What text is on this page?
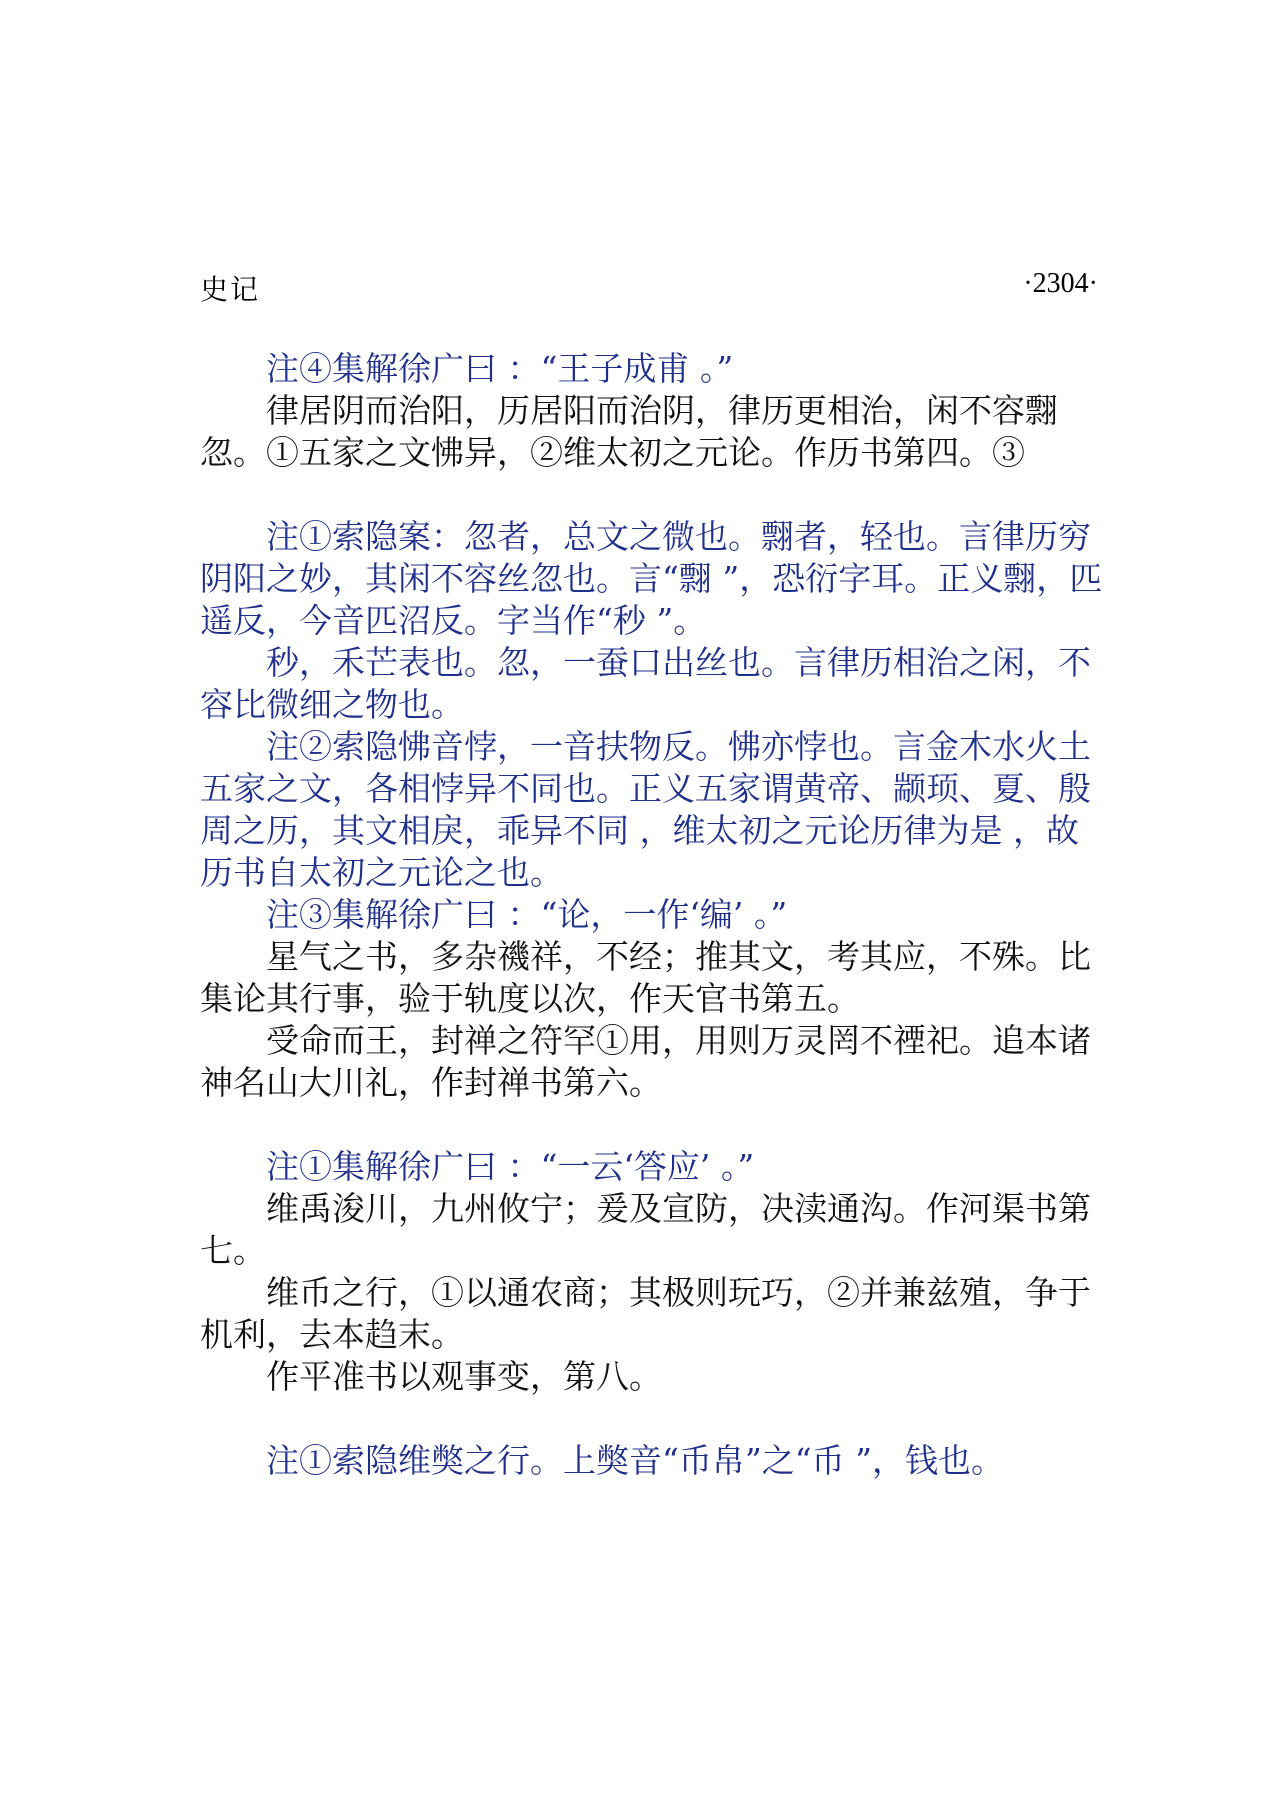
史记	·2304·

注④集解徐广曰 ：“王子成甫 。”

律居阴而治阳，历居阳而治阴，律历更相治，闲不容翲忽。①五家之文怫异，②维太初之元论。作历书第四。③

注①索隐案：忽者，总文之微也。翲者，轻也。言律历穷阴阳之妙，其闲不容丝忽也。言“翲 ”，恐衍字耳。正义翲，匹遥反，今音匹沼反。字当作“秒 ”。

秒，禾芒表也。忽，一蚕口出丝也。言律历相治之闲，不容比微细之物也。

注②索隐怫音悖，一音扶物反。怫亦悖也。言金木水火土五家之文，各相悖异不同也。正义五家谓黄帝、颛顼、夏、殷周之历，其文相戾，乖异不同 ，维太初之元论历律为是 ，故历书自太初之元论之也。

注③集解徐广曰 ：“论，一作‘编’ 。”

星气之书，多杂禨祥，不经；推其文，考其应，不殊。比集论其行事，验于轨度以次，作天官书第五。

受命而王，封禅之符罕①用，用则万灵罔不禋祀。追本诸神名山大川礼，作封禅书第六。

注①集解徐广曰 ：“一云‘答应’ 。”

维禹浚川，九州攸宁；爰及宣防，决渎通沟。作河渠书第七。

维币之行，①以通农商；其极则玩巧，②并兼兹殖，争于机利，去本趋末。

作平准书以观事变，第八。

注①索隐维獘之行。上獘音“币帛”之“币 ”，钱也。
